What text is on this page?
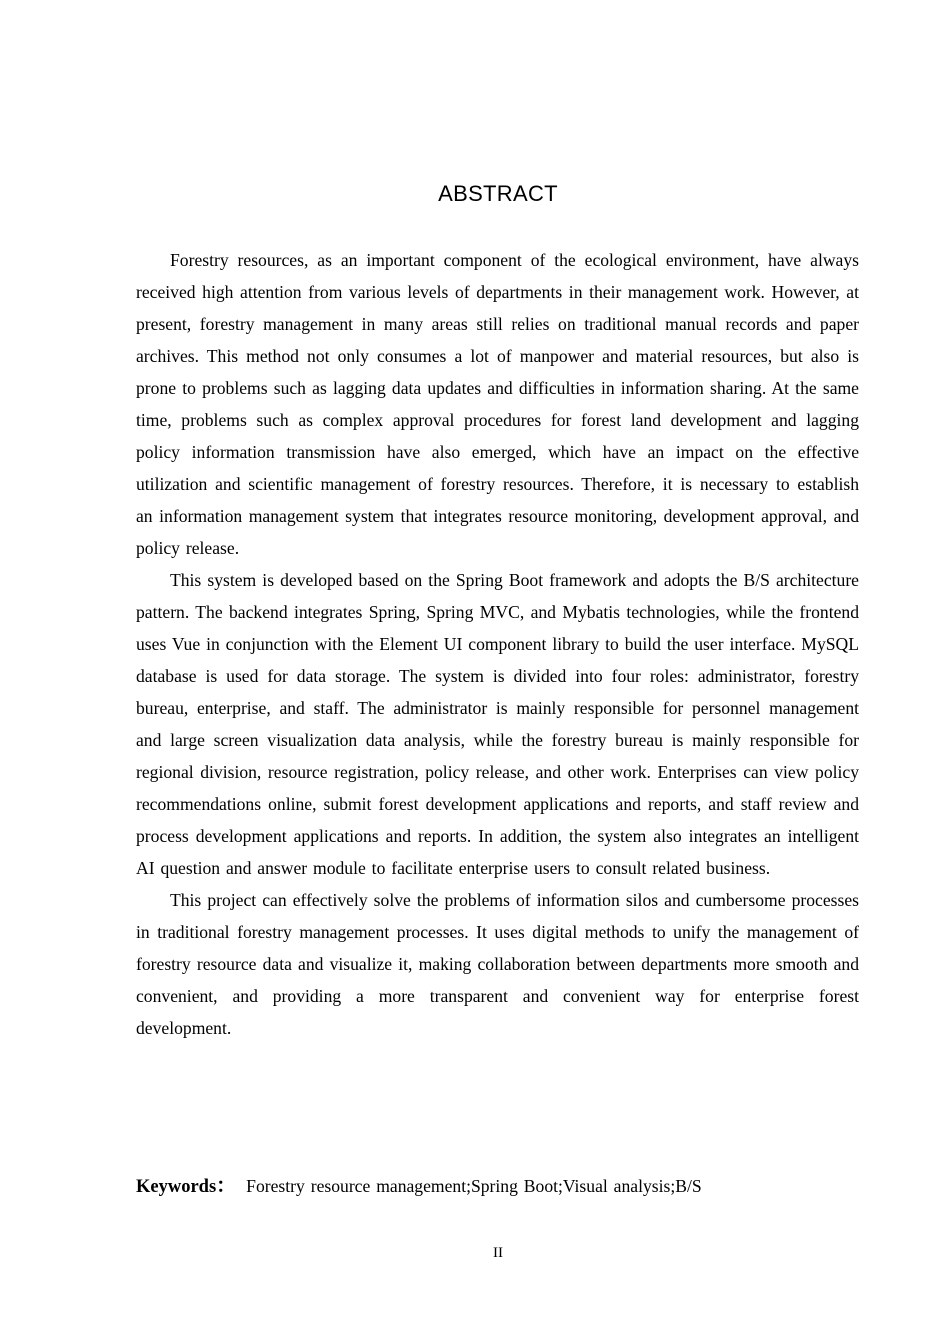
ABSTRACT

Forestry resources, as an important component of the ecological environment, have always received high attention from various levels of departments in their management work. However, at present, forestry management in many areas still relies on traditional manual records and paper archives. This method not only consumes a lot of manpower and material resources, but also is prone to problems such as lagging data updates and difficulties in information sharing. At the same time, problems such as complex approval procedures for forest land development and lagging policy information transmission have also emerged, which have an impact on the effective utilization and scientific management of forestry resources. Therefore, it is necessary to establish an information management system that integrates resource monitoring, development approval, and policy release.

This system is developed based on the Spring Boot framework and adopts the B/S architecture pattern. The backend integrates Spring, Spring MVC, and Mybatis technologies, while the frontend uses Vue in conjunction with the Element UI component library to build the user interface. MySQL database is used for data storage. The system is divided into four roles: administrator, forestry bureau, enterprise, and staff. The administrator is mainly responsible for personnel management and large screen visualization data analysis, while the forestry bureau is mainly responsible for regional division, resource registration, policy release, and other work. Enterprises can view policy recommendations online, submit forest development applications and reports, and staff review and process development applications and reports. In addition, the system also integrates an intelligent AI question and answer module to facilitate enterprise users to consult related business.

This project can effectively solve the problems of information silos and cumbersome processes in traditional forestry management processes. It uses digital methods to unify the management of forestry resource data and visualize it, making collaboration between departments more smooth and convenient, and providing a more transparent and convenient way for enterprise forest development.

Keywords： Forestry resource management;Spring Boot;Visual analysis;B/S
II
